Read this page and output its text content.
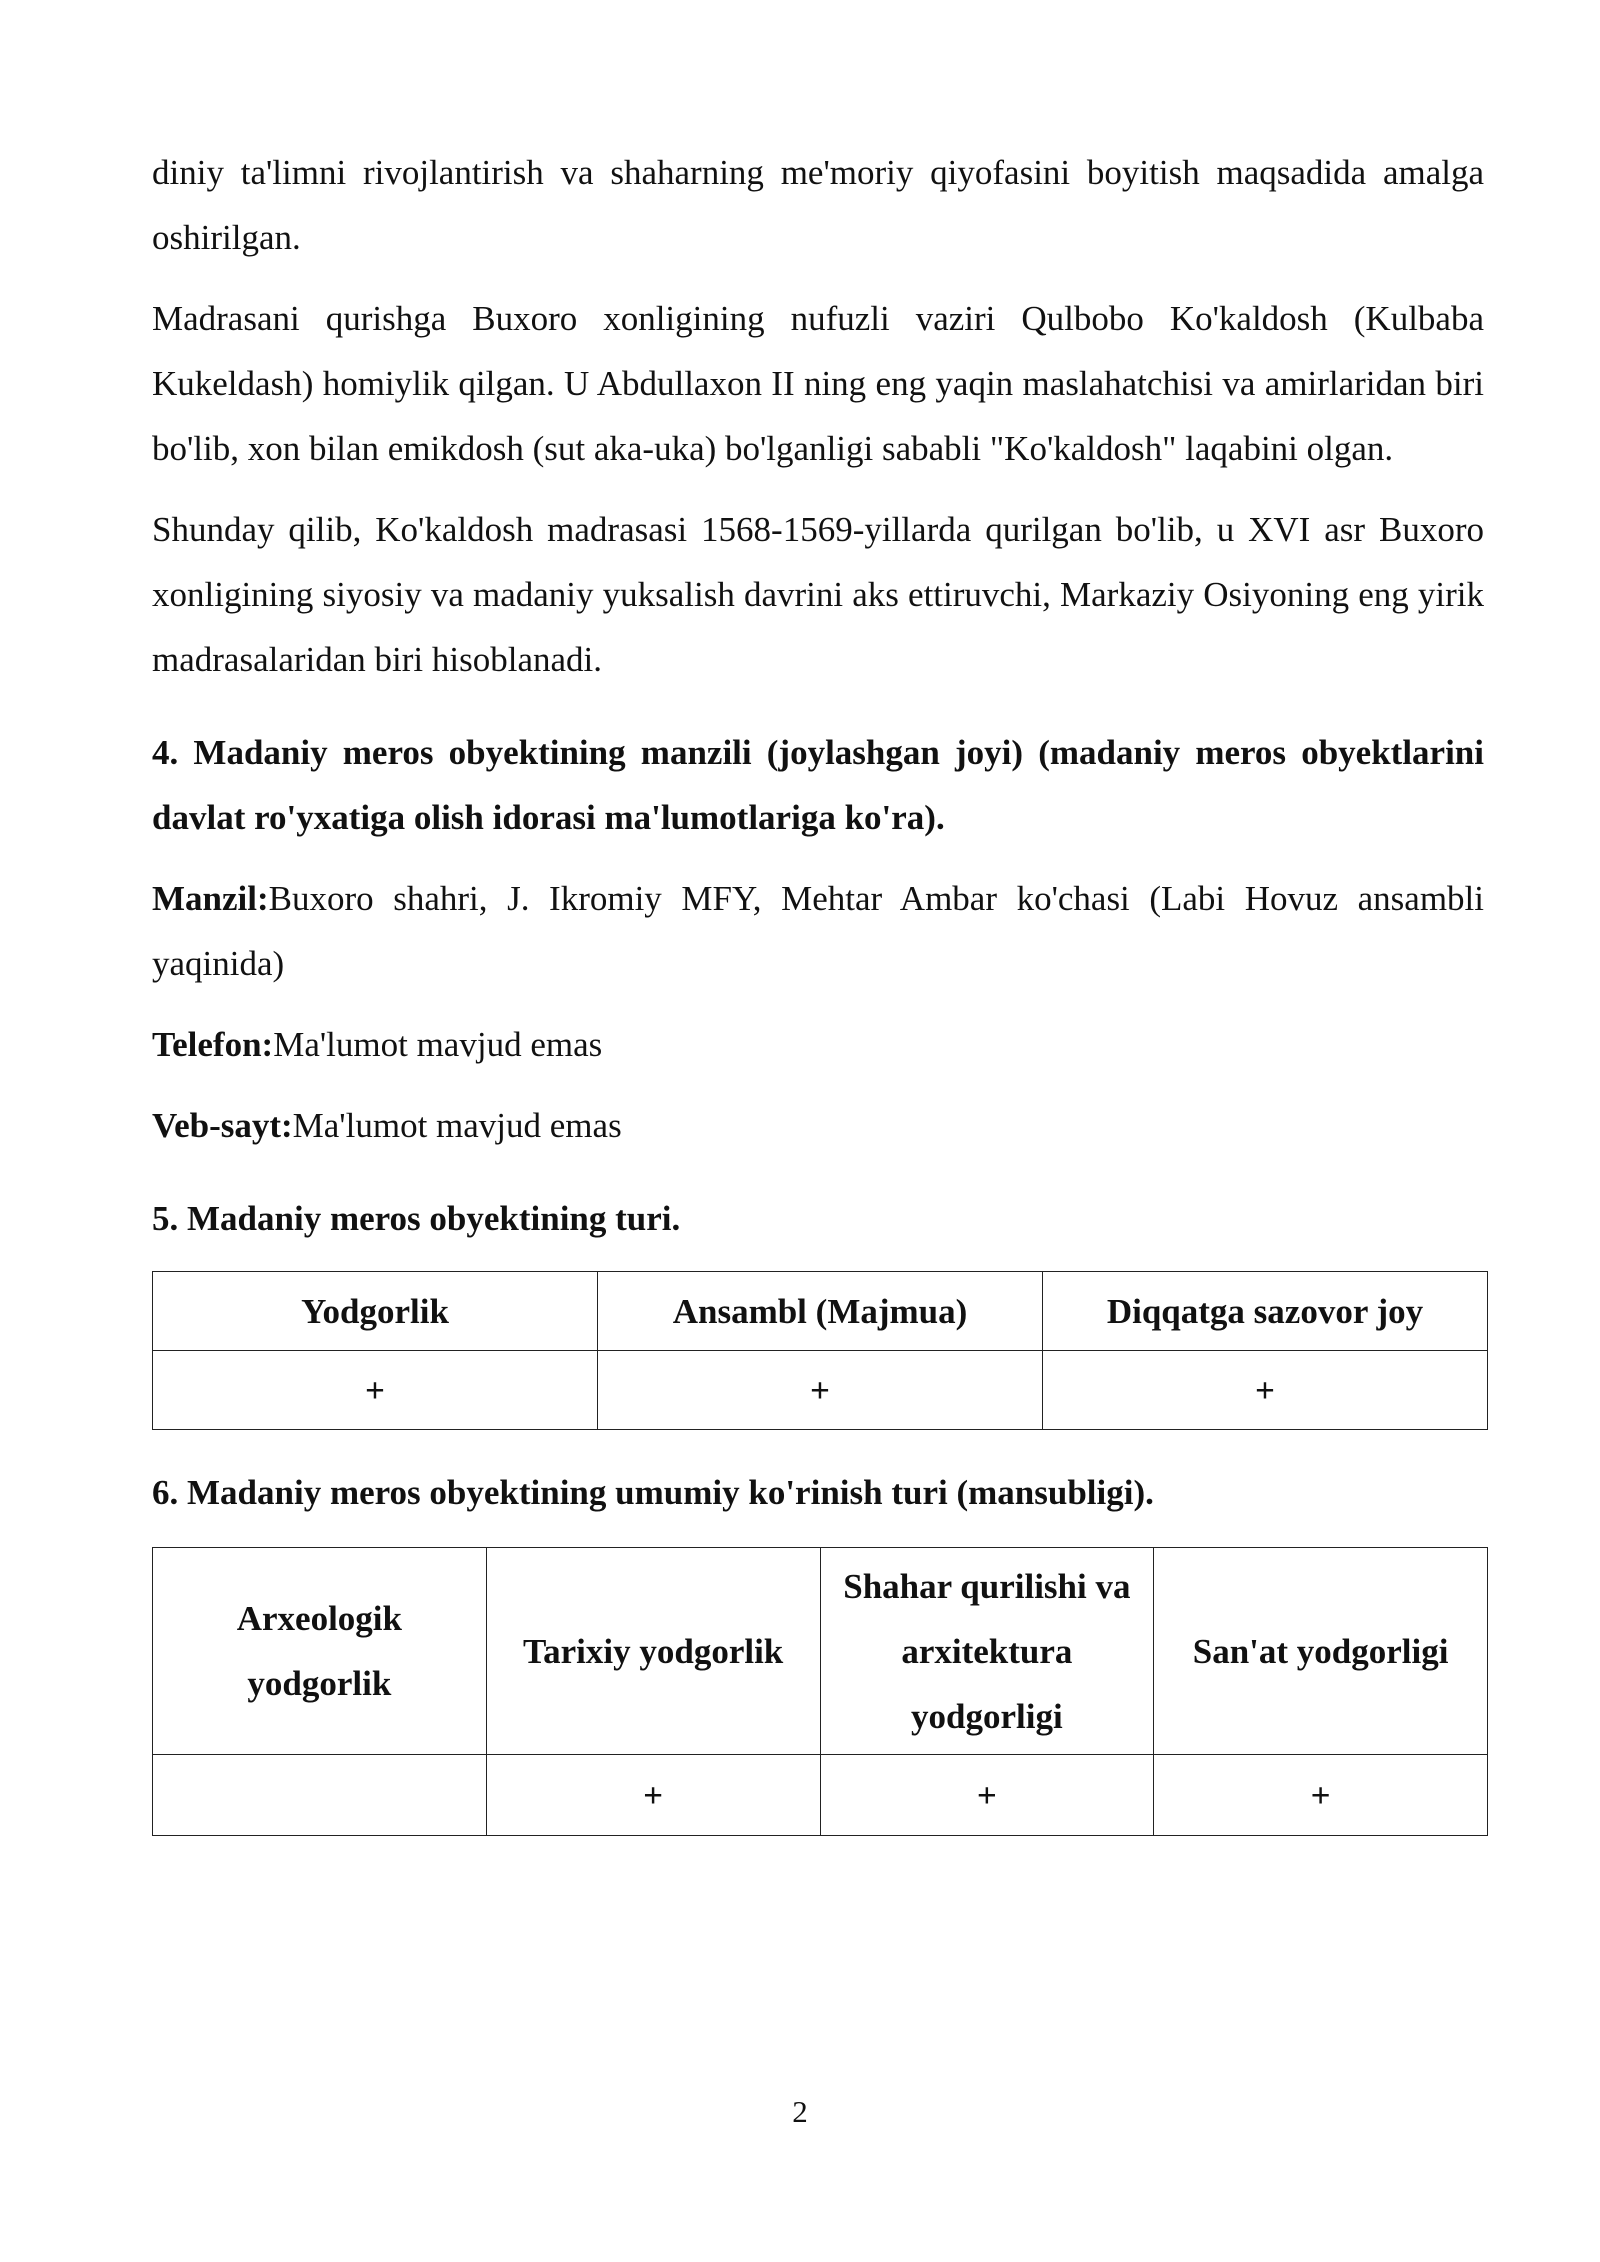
diniy ta'limni rivojlantirish va shaharning me'moriy qiyofasini boyitish maqsadida amalga oshirilgan.

Madrasani qurishga Buxoro xonligining nufuzli vaziri Qulbobo Ko'kaldosh (Kulbaba Kukeldash) homiylik qilgan. U Abdullaxon II ning eng yaqin maslahatchisi va amirlaridan biri bo'lib, xon bilan emikdosh (sut aka-uka) bo'lganligi sababli "Ko'kaldosh" laqabini olgan.

Shunday qilib, Ko'kaldosh madrasasi 1568-1569-yillarda qurilgan bo'lib, u XVI asr Buxoro xonligining siyosiy va madaniy yuksalish davrini aks ettiruvchi, Markaziy Osiyoning eng yirik madrasalaridan biri hisoblanadi.

4. Madaniy meros obyektining manzili (joylashgan joyi) (madaniy meros obyektlarini davlat ro'yxatiga olish idorasi ma'lumotlariga ko'ra).

Manzil:Buxoro shahri, J. Ikromiy MFY, Mehtar Ambar ko'chasi (Labi Hovuz ansambli yaqinida)

Telefon:Ma'lumot mavjud emas

Veb-sayt:Ma'lumot mavjud emas

5. Madaniy meros obyektining turi.

Yodgorlik	Ansambl (Majmua)	Diqqatga sazovor joy
+	+	+

6. Madaniy meros obyektining umumiy ko'rinish turi (mansubligi).

Arxeologik yodgorlik	Tarixiy yodgorlik	Shahar qurilishi va arxitektura yodgorligi	San'at yodgorligi
	+	+	+
2
